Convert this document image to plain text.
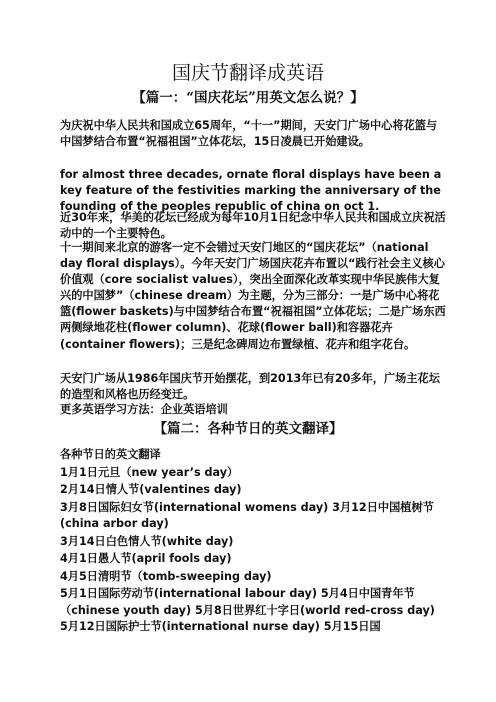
国庆节翻译成英语
【篇一：“国庆花坛”用英文怎么说？】

为庆祝中华人民共和国成立65周年，“十一”期间，天安门广场中心将花篮与中国梦结合布置“祝福祖国”立体花坛，15日凌晨已开始建设。

for almost three decades, ornate floral displays have been a key feature of the festivities marking the anniversary of the founding of the peoples republic of china on oct 1.

近30年来，华美的花坛已经成为每年10月1日纪念中华人民共和国成立庆祝活动中的一个主要特色。

十一期间来北京的游客一定不会错过天安门地区的“国庆花坛”（national day floral displays）。今年天安门广场国庆花卉布置以“践行社会主义核心价值观（core socialist values），突出全面深化改革实现中华民族伟大复兴的中国梦”（chinese dream）为主题，分为三部分：一是广场中心将花篮(flower baskets)与中国梦结合布置“祝福祖国”立体花坛；二是广场东西两侧绿地花柱(flower column)、花球(flower ball)和容器花卉(container flowers)；三是纪念碑周边布置绿植、花卉和组字花台。

天安门广场从1986年国庆节开始摆花，到2013年已有20多年，广场主花坛的造型和风格也历经变迁。

更多英语学习方法：企业英语培训

【篇二：各种节日的英文翻译】
各种节日的英文翻译
1月1日元旦（new year’s day）
2月14日情人节(valentines day)
3月8日国际妇女节(international womens day) 3月12日中国植树节(china arbor day)
3月14日白色情人节(white day)
4月1日愚人节(april fools day)
4月5日清明节（tomb-sweeping day)
5月1日国际劳动节(international labour day) 5月4日中国青年节（chinese youth day) 5月8日世界红十字日(world red-cross day) 5月12日国际护士节(international nurse day) 5月15日国
